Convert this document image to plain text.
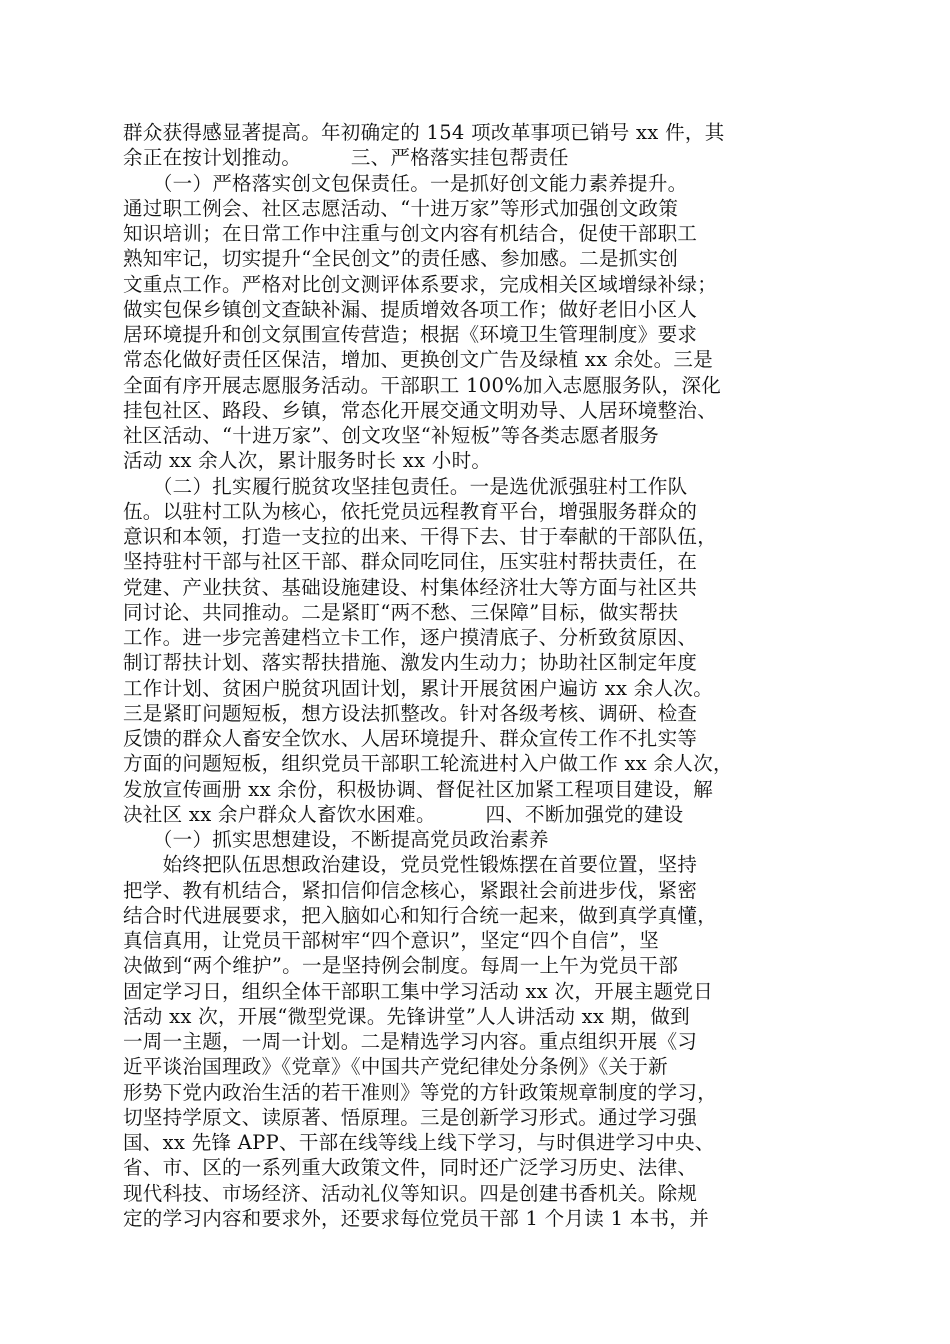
群众获得感显著提高。年初确定的 154 项改革事项已销号 xx 件，其
余正在按计划推动。　　　三、严格落实挂包帮责任
　　（一）严格落实创文包保责任。一是抓好创文能力素养提升。
通过职工例会、社区志愿活动、“十进万家”等形式加强创文政策
知识培训；在日常工作中注重与创文内容有机结合，促使干部职工
熟知牢记，切实提升“全民创文”的责任感、参加感。二是抓实创
文重点工作。严格对比创文测评体系要求，完成相关区域增绿补绿；
做实包保乡镇创文查缺补漏、提质增效各项工作；做好老旧小区人
居环境提升和创文氛围宣传营造；根据《环境卫生管理制度》要求
常态化做好责任区保洁，增加、更换创文广告及绿植 xx 余处。三是
全面有序开展志愿服务活动。干部职工 100%加入志愿服务队，深化
挂包社区、路段、乡镇，常态化开展交通文明劝导、人居环境整治、
社区活动、“十进万家”、创文攻坚“补短板”等各类志愿者服务
活动 xx 余人次，累计服务时长 xx 小时。
　　（二）扎实履行脱贫攻坚挂包责任。一是选优派强驻村工作队
伍。以驻村工队为核心，依托党员远程教育平台，增强服务群众的
意识和本领，打造一支拉的出来、干得下去、甘于奉献的干部队伍，
坚持驻村干部与社区干部、群众同吃同住，压实驻村帮扶责任，在
党建、产业扶贫、基础设施建设、村集体经济壮大等方面与社区共
同讨论、共同推动。二是紧盯“两不愁、三保障”目标，做实帮扶
工作。进一步完善建档立卡工作，逐户摸清底子、分析致贫原因、
制订帮扶计划、落实帮扶措施、激发内生动力；协助社区制定年度
工作计划、贫困户脱贫巩固计划，累计开展贫困户遍访 xx 余人次。
三是紧盯问题短板，想方设法抓整改。针对各级考核、调研、检查
反馈的群众人畜安全饮水、人居环境提升、群众宣传工作不扎实等
方面的问题短板，组织党员干部职工轮流进村入户做工作 xx 余人次，
发放宣传画册 xx 余份，积极协调、督促社区加紧工程项目建设，解
决社区 xx 余户群众人畜饮水困难。　　　四、不断加强党的建设
　　（一）抓实思想建设，不断提高党员政治素养
　　始终把队伍思想政治建设，党员党性锻炼摆在首要位置，坚持
把学、教有机结合，紧扣信仰信念核心，紧跟社会前进步伐，紧密
结合时代进展要求，把入脑如心和知行合统一起来，做到真学真懂，
真信真用，让党员干部树牢“四个意识”，坚定“四个自信”，坚
决做到“两个维护”。一是坚持例会制度。每周一上午为党员干部
固定学习日，组织全体干部职工集中学习活动 xx 次，开展主题党日
活动 xx 次，开展“微型党课。先锋讲堂”人人讲活动 xx 期，做到
一周一主题，一周一计划。二是精选学习内容。重点组织开展《习
近平谈治国理政》《党章》《中国共产党纪律处分条例》《关于新
形势下党内政治生活的若干准则》等党的方针政策规章制度的学习，
切坚持学原文、读原著、悟原理。三是创新学习形式。通过学习强
国、xx 先锋 APP、干部在线等线上线下学习，与时俱进学习中央、
省、市、区的一系列重大政策文件，同时还广泛学习历史、法律、
现代科技、市场经济、活动礼仪等知识。四是创建书香机关。除规
定的学习内容和要求外，还要求每位党员干部 1 个月读 1 本书，并
